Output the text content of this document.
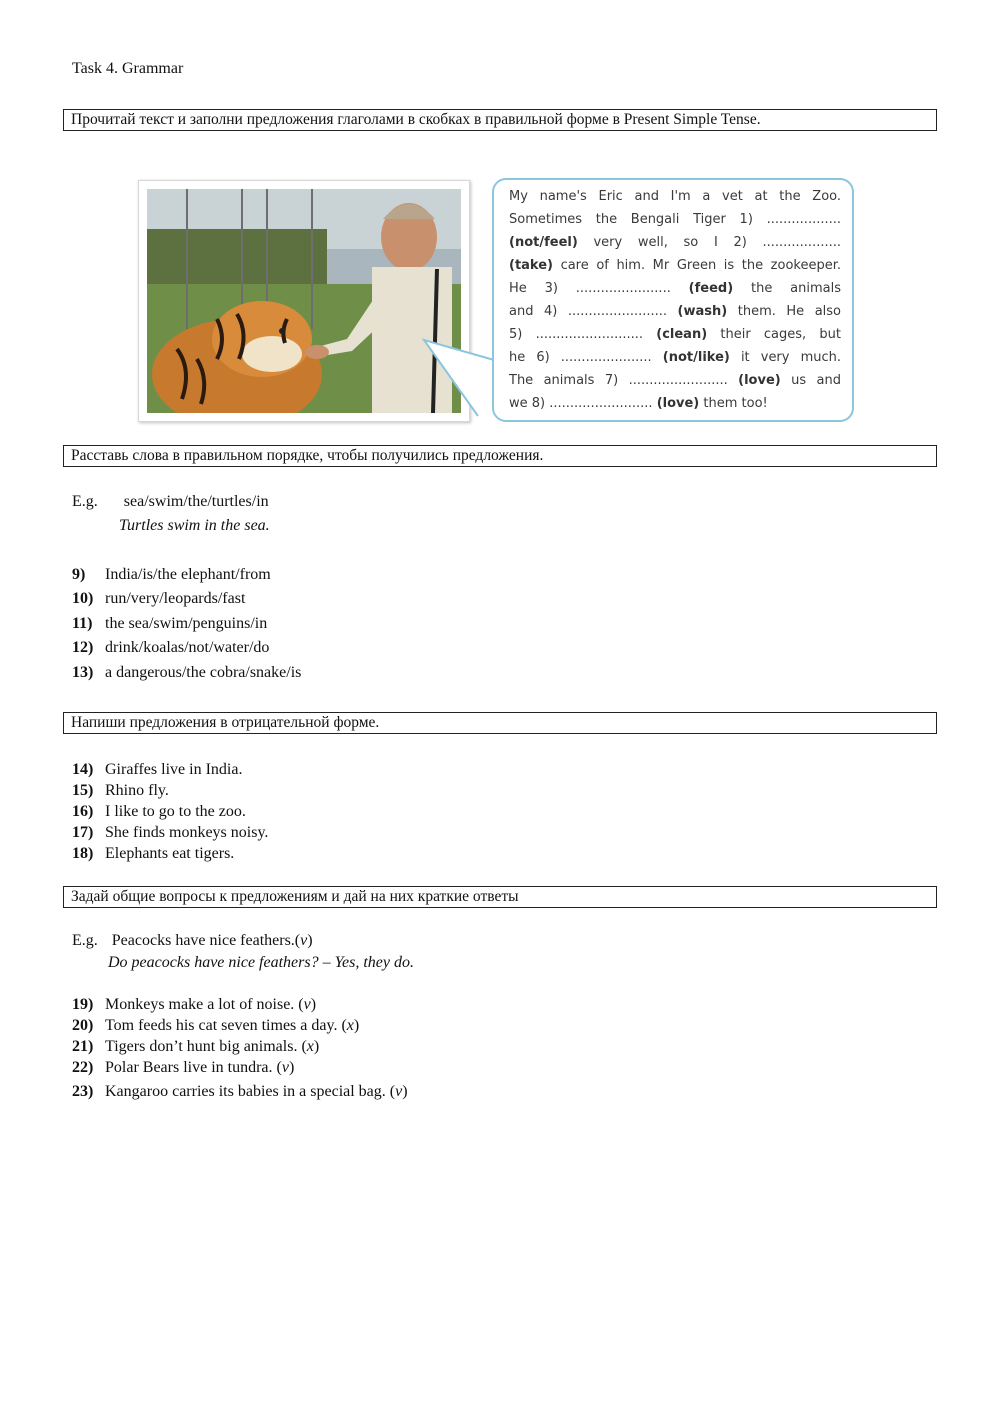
Task 4. Grammar
Прочитай текст и заполни предложения глаголами в скобках в правильной форме в Present Simple Tense.
My name's Eric and I'm a vet at the Zoo.
Sometimes the Bengali Tiger 1) ..................
(not/feel) very well, so I 2) ...................
(take) care of him. Mr Green is the zookeeper.
He 3) ....................... (feed) the animals
and 4) ........................ (wash) them. He also
5) .......................... (clean) their cages, but
he 6) ...................... (not/like) it very much.
The animals 7) ........................ (love) us and
we 8) ......................... (love) them too!
Расставь слова в правильном порядке, чтобы получились предложения.
E.g. sea/swim/the/turtles/in
Turtles swim in the sea.
9) India/is/the elephant/from
10) run/very/leopards/fast
11) the sea/swim/penguins/in
12) drink/koalas/not/water/do
13) a dangerous/the cobra/snake/is
Напиши предложения в отрицательной форме.
14) Giraffes live in India.
15) Rhino fly.
16) I like to go to the zoo.
17) She finds monkeys noisy.
18) Elephants eat tigers.
Задай общие вопросы к предложениям и дай на них краткие ответы
E.g. Peacocks have nice feathers.(v)
Do peacocks have nice feathers? – Yes, they do.
19) Monkeys make a lot of noise. (v)
20) Tom feeds his cat seven times a day. (x)
21) Tigers don’t hunt big animals. (x)
22) Polar Bears live in tundra. (v)
23) Kangaroo carries its babies in a special bag. (v)
